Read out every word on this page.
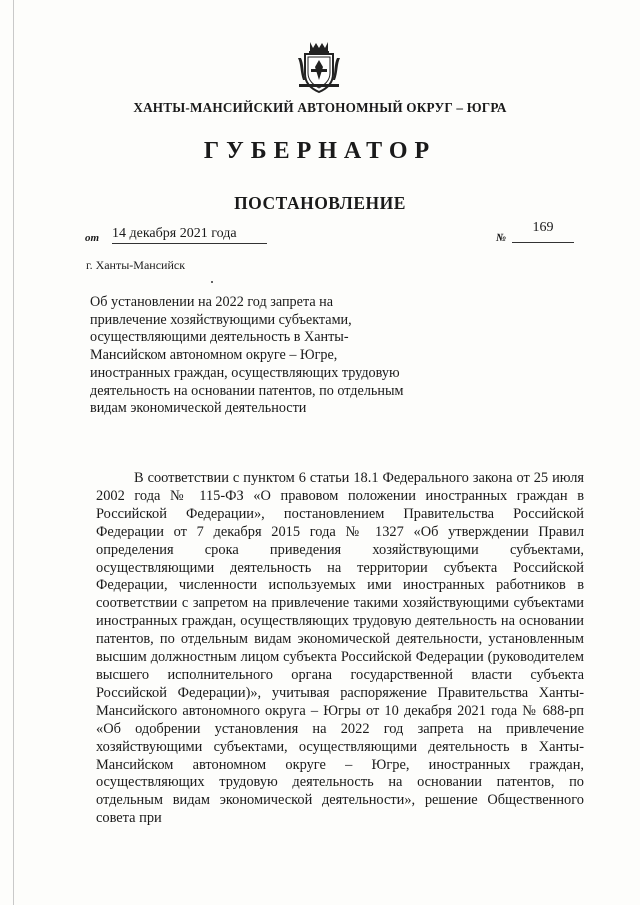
ХАНТЫ-МАНСИЙСКИЙ АВТОНОМНЫЙ ОКРУГ – ЮГРА
ГУБЕРНАТОР
ПОСТАНОВЛЕНИЕ
от 14 декабря 2021 года	№
169
г. Ханты-Мансийск
Об установлении на 2022 год запрета на привлечение хозяйствующими субъектами, осуществляющими деятельность в Ханты-Мансийском автономном округе – Югре, иностранных граждан, осуществляющих трудовую деятельность на основании патентов, по отдельным видам экономической деятельности

В соответствии с пунктом 6 статьи 18.1 Федерального закона от 25 июля 2002 года № 115-ФЗ «О правовом положении иностранных граждан в Российской Федерации», постановлением Правительства Российской Федерации от 7 декабря 2015 года № 1327 «Об утверждении Правил определения срока приведения хозяйствующими субъектами, осуществляющими деятельность на территории субъекта Российской Федерации, численности используемых ими иностранных работников в соответствии с запретом на привлечение такими хозяйствующими субъектами иностранных граждан, осуществляющих трудовую деятельность на основании патентов, по отдельным видам экономической деятельности, установленным высшим должностным лицом субъекта Российской Федерации (руководителем высшего исполнительного органа государственной власти субъекта Российской Федерации)», учитывая распоряжение Правительства Ханты-Мансийского автономного округа – Югры от 10 декабря 2021 года № 688-рп «Об одобрении установления на 2022 год запрета на привлечение хозяйствующими субъектами, осуществляющими деятельность в Ханты-Мансийском автономном округе – Югре, иностранных граждан, осуществляющих трудовую деятельность на основании патентов, по отдельным видам экономической деятельности», решение Общественного совета при
